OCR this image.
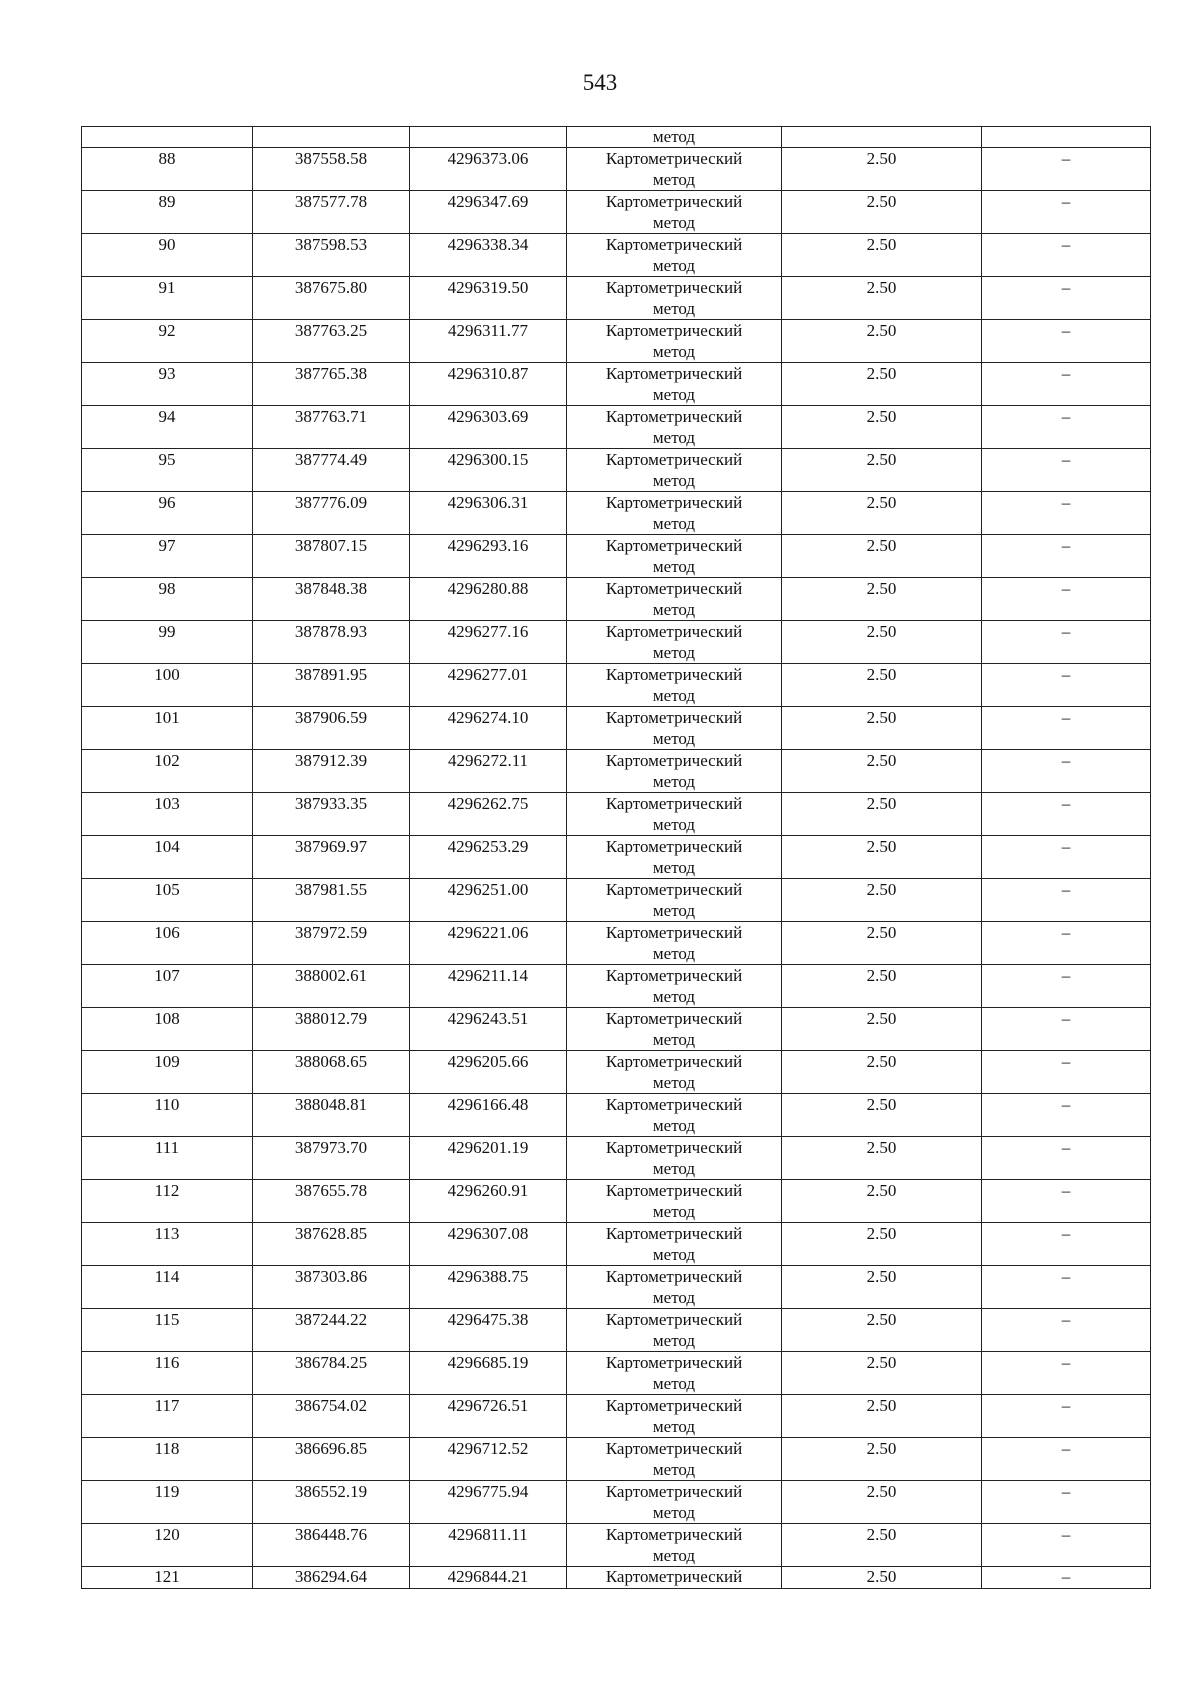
543
			метод		
88	387558.58	4296373.06	Картометрический
метод	2.50	–
89	387577.78	4296347.69	Картометрический
метод	2.50	–
90	387598.53	4296338.34	Картометрический
метод	2.50	–
91	387675.80	4296319.50	Картометрический
метод	2.50	–
92	387763.25	4296311.77	Картометрический
метод	2.50	–
93	387765.38	4296310.87	Картометрический
метод	2.50	–
94	387763.71	4296303.69	Картометрический
метод	2.50	–
95	387774.49	4296300.15	Картометрический
метод	2.50	–
96	387776.09	4296306.31	Картометрический
метод	2.50	–
97	387807.15	4296293.16	Картометрический
метод	2.50	–
98	387848.38	4296280.88	Картометрический
метод	2.50	–
99	387878.93	4296277.16	Картометрический
метод	2.50	–
100	387891.95	4296277.01	Картометрический
метод	2.50	–
101	387906.59	4296274.10	Картометрический
метод	2.50	–
102	387912.39	4296272.11	Картометрический
метод	2.50	–
103	387933.35	4296262.75	Картометрический
метод	2.50	–
104	387969.97	4296253.29	Картометрический
метод	2.50	–
105	387981.55	4296251.00	Картометрический
метод	2.50	–
106	387972.59	4296221.06	Картометрический
метод	2.50	–
107	388002.61	4296211.14	Картометрический
метод	2.50	–
108	388012.79	4296243.51	Картометрический
метод	2.50	–
109	388068.65	4296205.66	Картометрический
метод	2.50	–
110	388048.81	4296166.48	Картометрический
метод	2.50	–
111	387973.70	4296201.19	Картометрический
метод	2.50	–
112	387655.78	4296260.91	Картометрический
метод	2.50	–
113	387628.85	4296307.08	Картометрический
метод	2.50	–
114	387303.86	4296388.75	Картометрический
метод	2.50	–
115	387244.22	4296475.38	Картометрический
метод	2.50	–
116	386784.25	4296685.19	Картометрический
метод	2.50	–
117	386754.02	4296726.51	Картометрический
метод	2.50	–
118	386696.85	4296712.52	Картометрический
метод	2.50	–
119	386552.19	4296775.94	Картометрический
метод	2.50	–
120	386448.76	4296811.11	Картометрический
метод	2.50	–
121	386294.64	4296844.21	Картометрический	2.50	–
